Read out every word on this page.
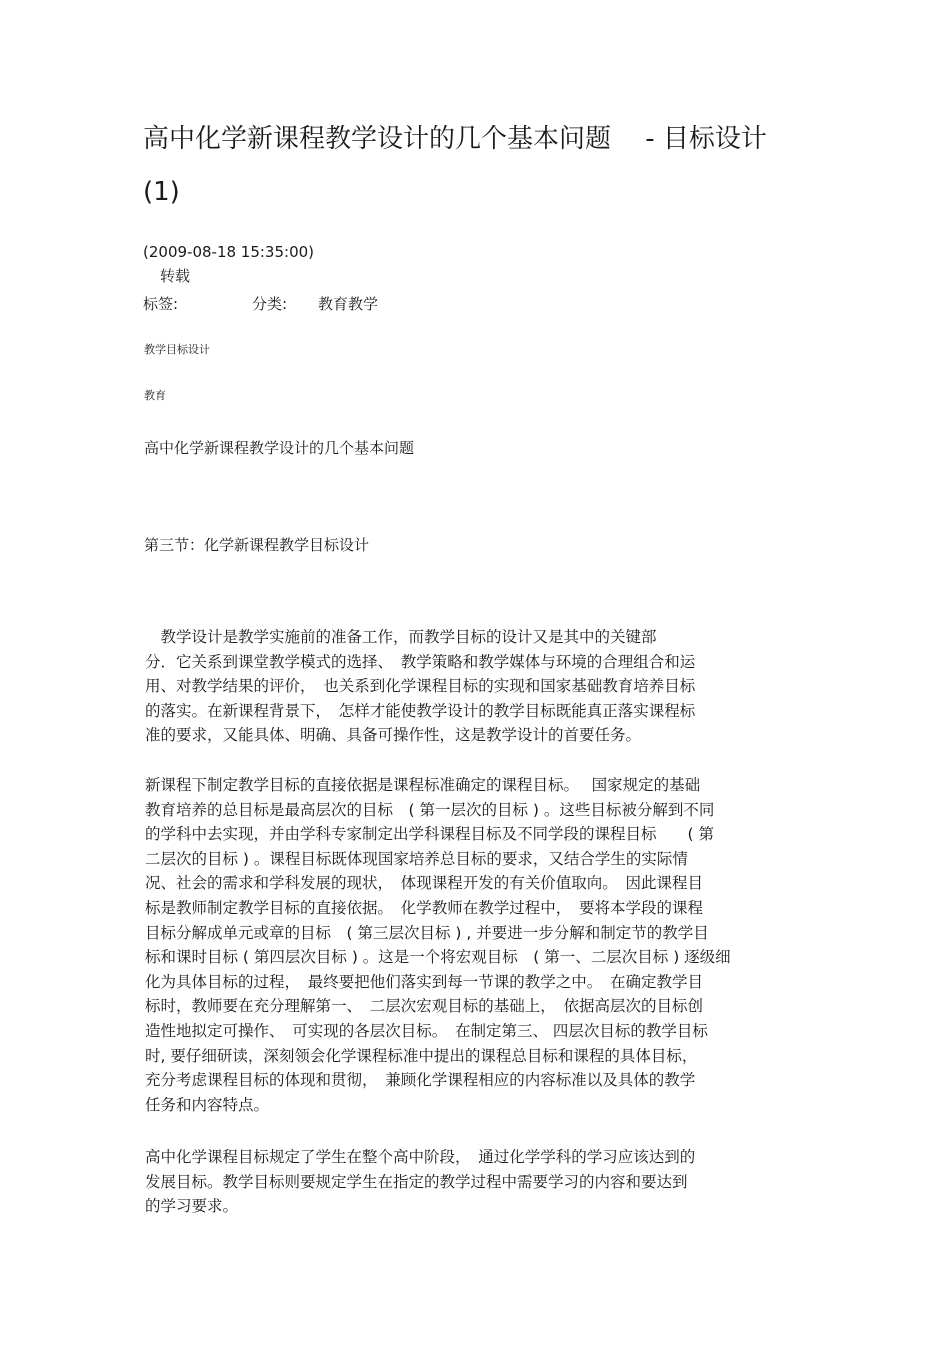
高中化学新课程教学设计的几个基本问题　 - 目标设计
(1)
(2009-08-18 15:35:00)
转载
标签:	分类: 教育教学
教学目标设计
教育
高中化学新课程教学设计的几个基本问题
第三节：化学新课程教学目标设计
　教学设计是教学实施前的准备工作，而教学目标的设计又是其中的关键部
分．它关系到课堂教学模式的选择、　教学策略和教学媒体与环境的合理组合和运
用、对教学结果的评价，　也关系到化学课程目标的实现和国家基础教育培养目标
的落实。在新课程背景下，　怎样才能使教学设计的教学目标既能真正落实课程标
准的要求，又能具体、明确、具备可操作性，这是教学设计的首要任务。
新课程下制定教学目标的直接依据是课程标准确定的课程目标。　 国家规定的基础
教育培养的总目标是最高层次的目标　( 第一层次的目标 ) 。这些目标被分解到不同
的学科中去实现，并由学科专家制定出学科课程目标及不同学段的课程目标　　( 第
二层次的目标 ) 。课程目标既体现国家培养总目标的要求，又结合学生的实际情
况、社会的需求和学科发展的现状，　体现课程开发的有关价值取向。　因此课程目
标是教师制定教学目标的直接依据。　化学教师在教学过程中，　要将本学段的课程
目标分解成单元或章的目标　( 第三层次目标 ) , 并要进一步分解和制定节的教学目
标和课时目标 ( 第四层次目标 ) 。这是一个将宏观目标　( 第一、二层次目标 ) 逐级细
化为具体目标的过程，　最终要把他们落实到每一节课的教学之中。　在确定教学目
标时，教师要在充分理解第一、　二层次宏观目标的基础上，　依据高层次的目标创
造性地拟定可操作、　可实现的各层次目标。　在制定第三、 四层次目标的教学目标
时, 要仔细研读，深刻领会化学课程标准中提出的课程总目标和课程的具体目标，
充分考虑课程目标的体现和贯彻，　兼顾化学课程相应的内容标准以及具体的教学
任务和内容特点。
高中化学课程目标规定了学生在整个高中阶段，　通过化学学科的学习应该达到的
发展目标。教学目标则要规定学生在指定的教学过程中需要学习的内容和要达到
的学习要求。
